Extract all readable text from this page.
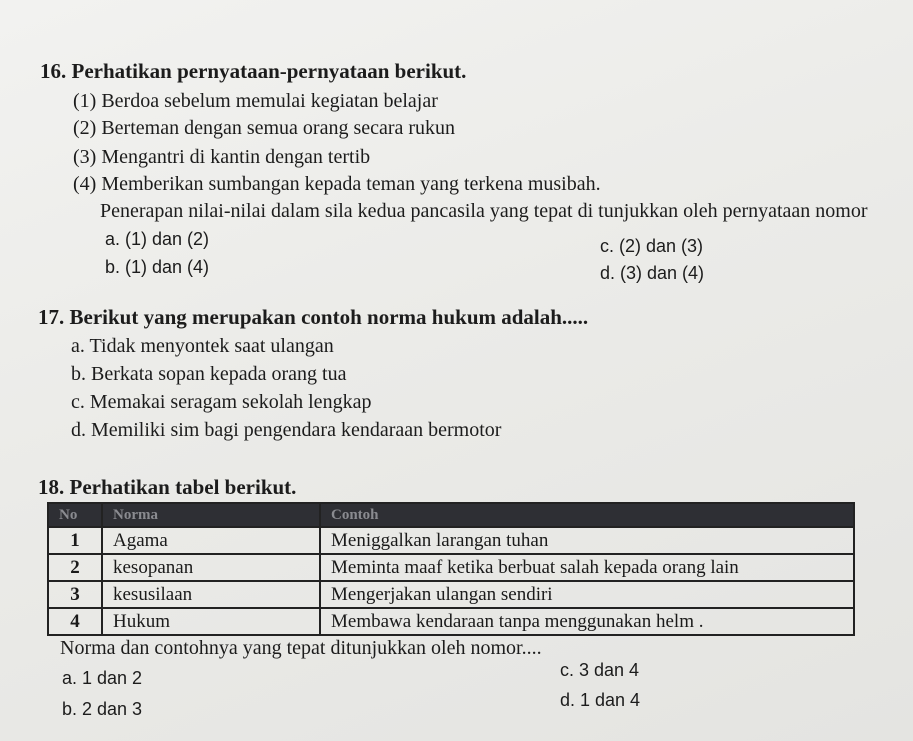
16. Perhatikan pernyataan-pernyataan berikut.
(1) Berdoa sebelum memulai kegiatan belajar
(2) Berteman dengan semua orang secara rukun
(3) Mengantri di kantin dengan tertib
(4) Memberikan sumbangan kepada teman yang terkena musibah.
Penerapan nilai-nilai dalam sila kedua pancasila yang tepat di tunjukkan oleh pernyataan nomor
a. (1) dan (2)
b. (1) dan (4)
c. (2) dan (3)
d. (3) dan (4)
17. Berikut yang merupakan contoh norma hukum adalah.....
a. Tidak menyontek saat ulangan
b. Berkata sopan kepada orang tua
c. Memakai seragam sekolah lengkap
d. Memiliki sim bagi pengendara kendaraan bermotor
18. Perhatikan tabel berikut.
No	Norma	Contoh
1	Agama	Meniggalkan larangan tuhan
2	kesopanan	Meminta maaf ketika berbuat salah kepada orang lain
3	kesusilaan	Mengerjakan ulangan sendiri
4	Hukum	Membawa kendaraan tanpa menggunakan helm .
Norma dan contohnya yang tepat ditunjukkan oleh nomor....
a. 1 dan 2
b. 2 dan 3
c. 3 dan 4
d. 1 dan 4
